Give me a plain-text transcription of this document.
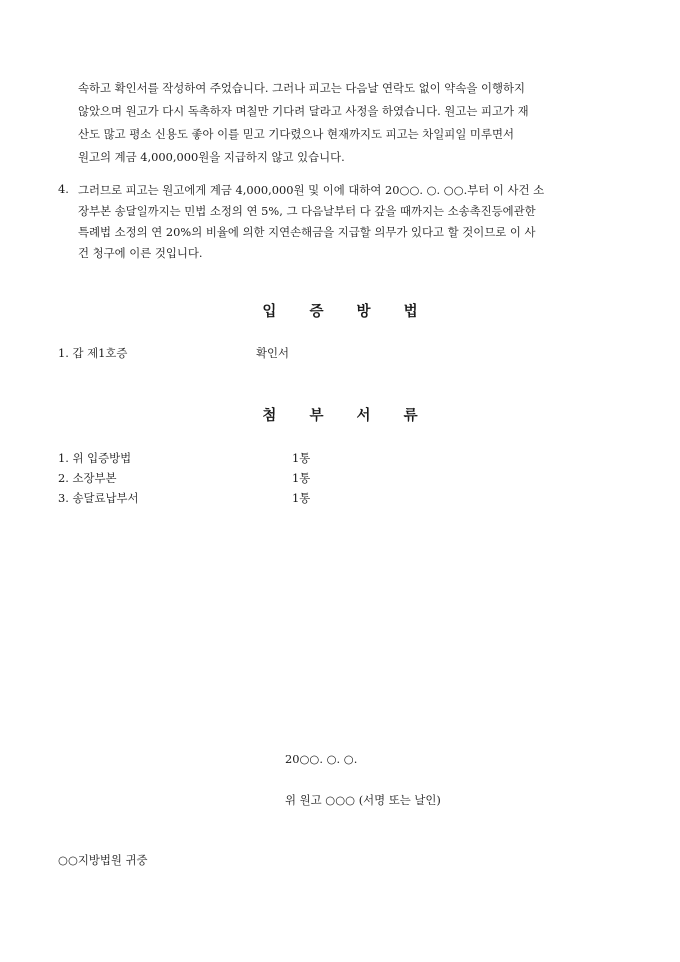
속하고 확인서를 작성하여 주었습니다. 그러나 피고는 다음날 연락도 없이 약속을 이행하지
않았으며 원고가 다시 독촉하자 며칠만 기다려 달라고 사정을 하였습니다. 원고는 피고가 재
산도 많고 평소 신용도 좋아 이를 믿고 기다렸으나 현재까지도 피고는 차일피일 미루면서
원고의 계금 4,000,000원을 지급하지 않고 있습니다.
4. 그러므로 피고는 원고에게 계금 4,000,000원 및 이에 대하여 20○○. ○. ○○.부터 이 사건 소
장부본 송달일까지는 민법 소정의 연 5%, 그 다음날부터 다 갚을 때까지는 소송촉진등에관한
특례법 소정의 연 20%의 비율에 의한 지연손해금을 지급할 의무가 있다고 할 것이므로 이 사
건 청구에 이른 것입니다.
입 증 방 법
1. 갑 제1호증	확인서
첨 부 서 류
1. 위 입증방법	1통
2. 소장부본	1통
3. 송달료납부서	1통
20○○. ○. ○.
위 원고 ○○○ (서명 또는 날인)
○○지방법원 귀중
